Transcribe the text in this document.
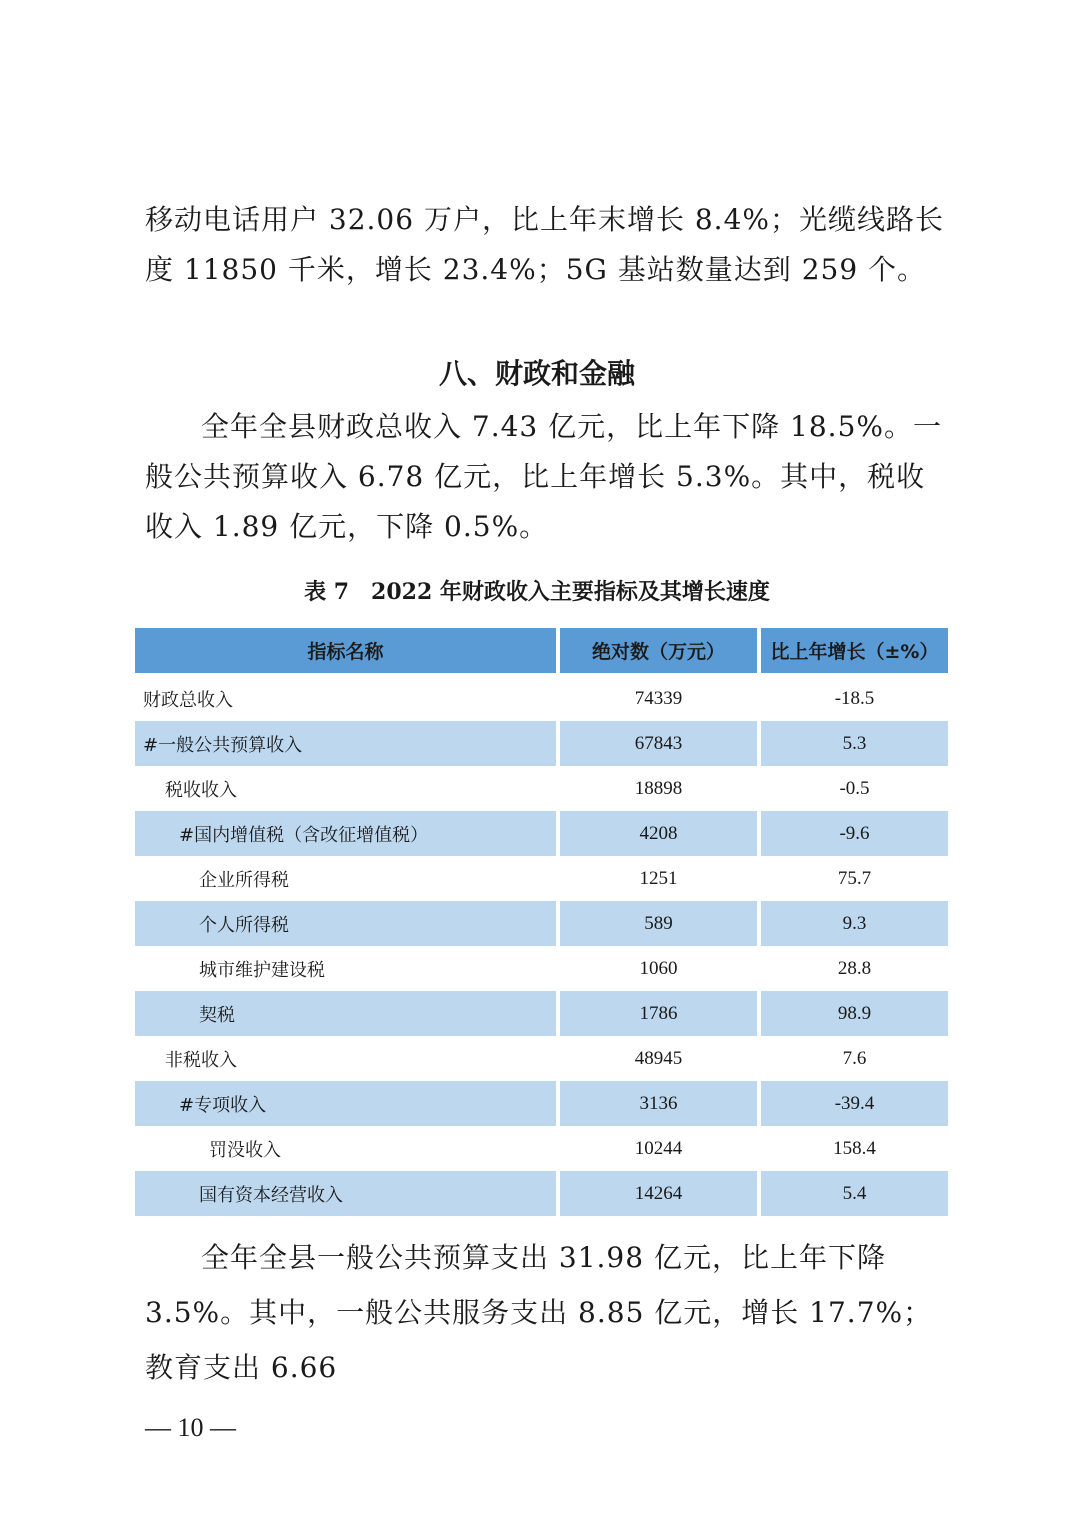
移动电话用户 32.06 万户，比上年末增长 8.4%；光缆线路长度 11850 千米，增长 23.4%；5G 基站数量达到 259 个。

八、财政和金融

全年全县财政总收入 7.43 亿元，比上年下降 18.5%。一般公共预算收入 6.78 亿元，比上年增长 5.3%。其中，税收收入 1.89 亿元，下降 0.5%。

表 7　2022 年财政收入主要指标及其增长速度
指标名称	绝对数（万元）	比上年增长（±%）
财政总收入	74339	-18.5
#一般公共预算收入	67843	5.3
税收收入	18898	-0.5
#国内增值税（含改征增值税）	4208	-9.6
企业所得税	1251	75.7
个人所得税	589	9.3
城市维护建设税	1060	28.8
契税	1786	98.9
非税收入	48945	7.6
#专项收入	3136	-39.4
罚没收入	10244	158.4
国有资本经营收入	14264	5.4

全年全县一般公共预算支出 31.98 亿元，比上年下降 3.5%。其中，一般公共服务支出 8.85 亿元，增长 17.7%；教育支出 6.66

— 10 —
